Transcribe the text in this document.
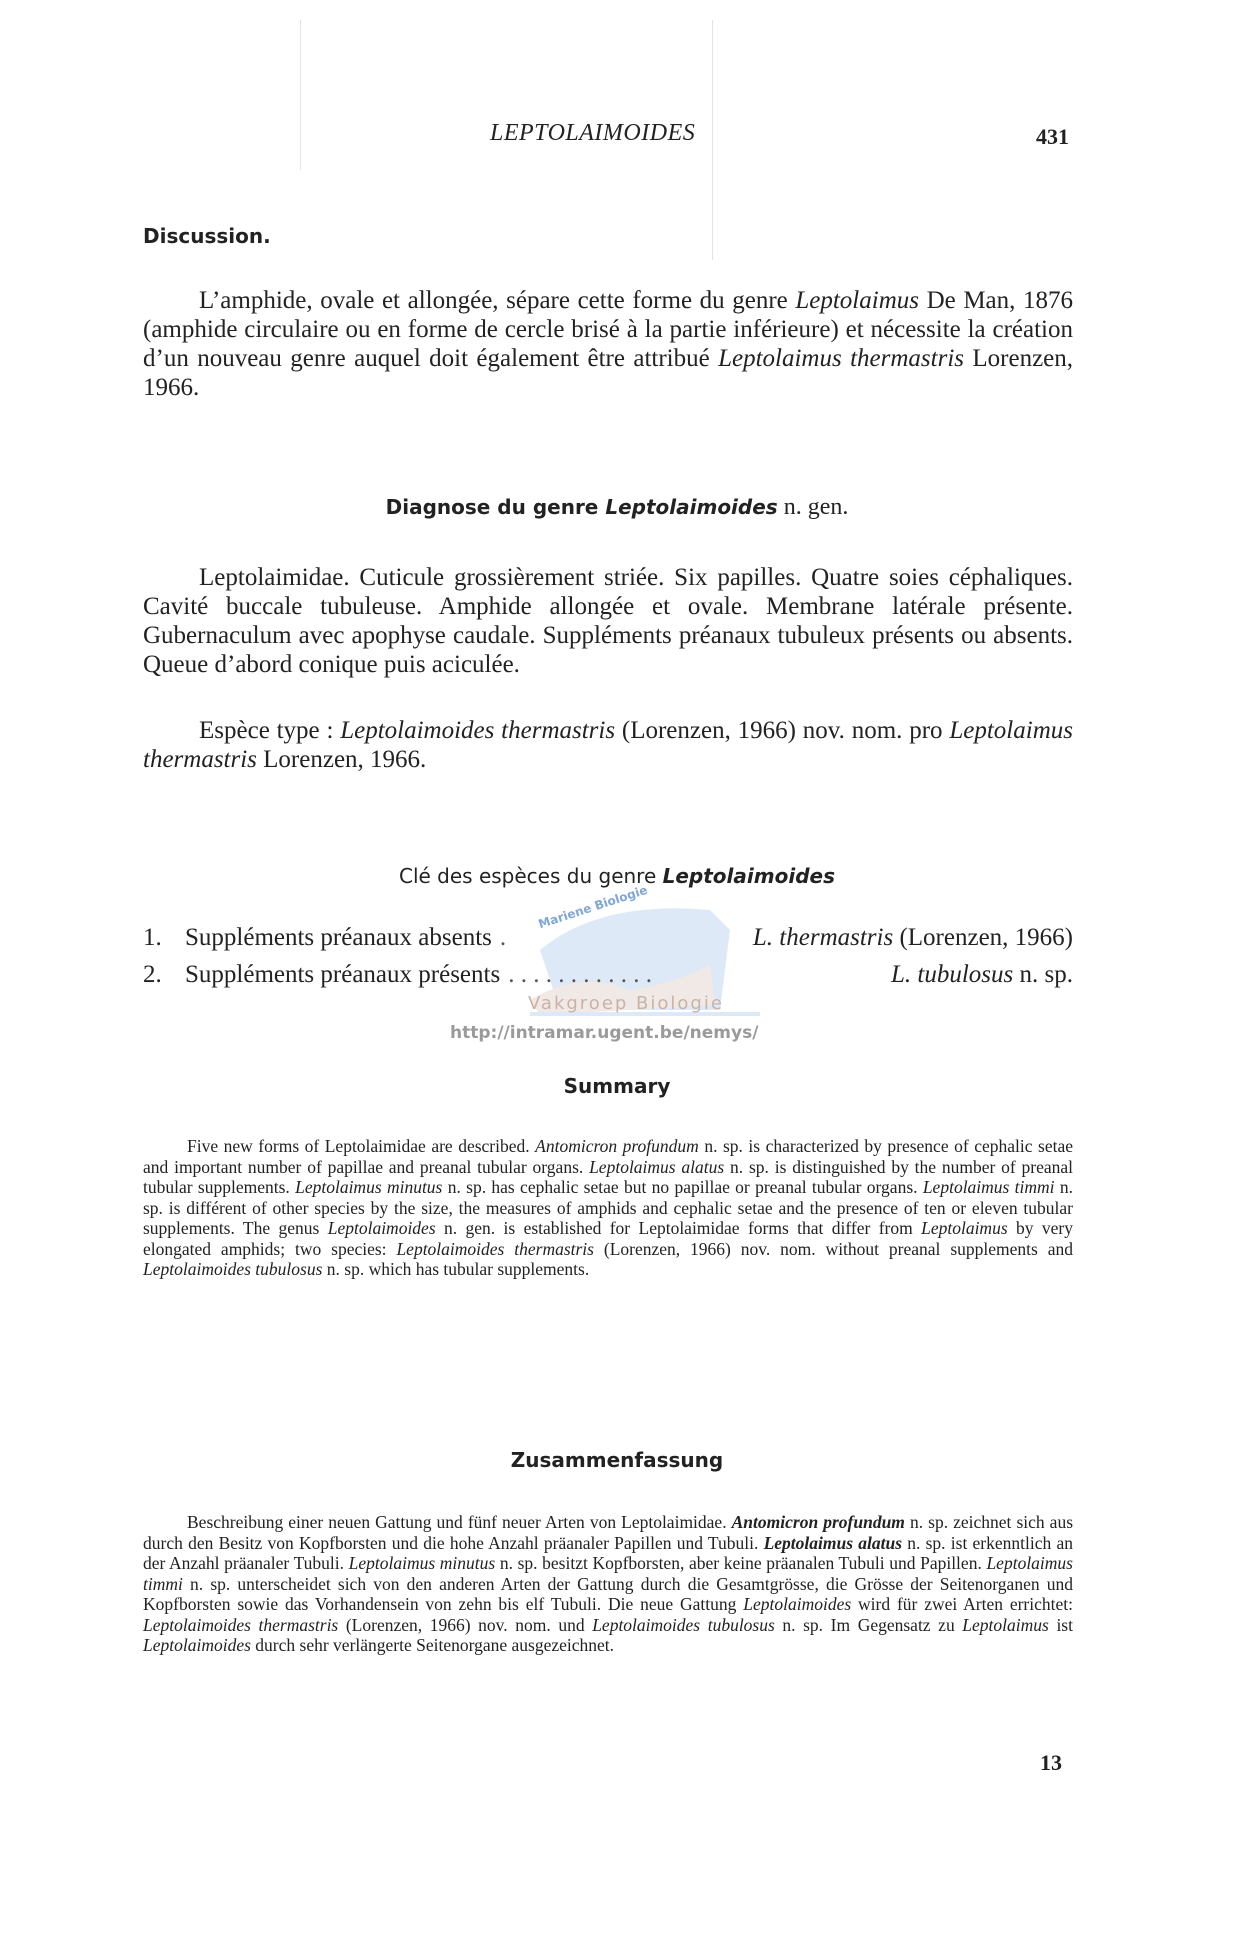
LEPTOLAIMOIDES	431
Discussion.

L’amphide, ovale et allongée, sépare cette forme du genre Leptolaimus De Man, 1876 (amphide circulaire ou en forme de cercle brisé à la partie inférieure) et nécessite la création d’un nouveau genre auquel doit également être attribué Leptolaimus thermastris Lorenzen, 1966.

Diagnose du genre Leptolaimoides n. gen.

Leptolaimidae. Cuticule grossièrement striée. Six papilles. Quatre soies céphaliques. Cavité buccale tubuleuse. Amphide allongée et ovale. Membrane latérale présente. Gubernaculum avec apophyse caudale. Suppléments préanaux tubuleux présents ou absents. Queue d’abord conique puis aciculée.

Espèce type : Leptolaimoides thermastris (Lorenzen, 1966) nov. nom. pro Leptolaimus thermastris Lorenzen, 1966.

Clé des espèces du genre Leptolaimoides
Mariene Biologie
Vakgroep Biologie
http://intramar.ugent.be/nemys/
1. Suppléments préanaux absents .	L. thermastris (Lorenzen, 1966)
2. Suppléments préanaux présents . . . . . . . . . . . .	L. tubulosus n. sp.
Summary

Five new forms of Leptolaimidae are described. Antomicron profundum n. sp. is characterized by presence of cephalic setae and important number of papillae and preanal tubular organs. Leptolaimus alatus n. sp. is distinguished by the number of preanal tubular supplements. Leptolaimus minutus n. sp. has cephalic setae but no papillae or preanal tubular organs. Leptolaimus timmi n. sp. is différent of other species by the size, the measures of amphids and cephalic setae and the presence of ten or eleven tubular supplements. The genus Leptolaimoides n. gen. is established for Leptolaimidae forms that differ from Leptolaimus by very elongated amphids; two species: Leptolaimoides thermastris (Lorenzen, 1966) nov. nom. without preanal supplements and Leptolaimoides tubulosus n. sp. which has tubular supplements.

Zusammenfassung

Beschreibung einer neuen Gattung und fünf neuer Arten von Leptolaimidae. Antomicron profundum n. sp. zeichnet sich aus durch den Besitz von Kopfborsten und die hohe Anzahl präanaler Papillen und Tubuli. Leptolaimus alatus n. sp. ist erkenntlich an der Anzahl präanaler Tubuli. Leptolaimus minutus n. sp. besitzt Kopfborsten, aber keine präanalen Tubuli und Papillen. Leptolaimus timmi n. sp. unterscheidet sich von den anderen Arten der Gattung durch die Gesamtgrösse, die Grösse der Seitenorganen und Kopfborsten sowie das Vorhandensein von zehn bis elf Tubuli. Die neue Gattung Leptolaimoides wird für zwei Arten errichtet: Leptolaimoides thermastris (Lorenzen, 1966) nov. nom. und Leptolaimoides tubulosus n. sp. Im Gegensatz zu Leptolaimus ist Leptolaimoides durch sehr verlängerte Seitenorgane ausgezeichnet.

13
